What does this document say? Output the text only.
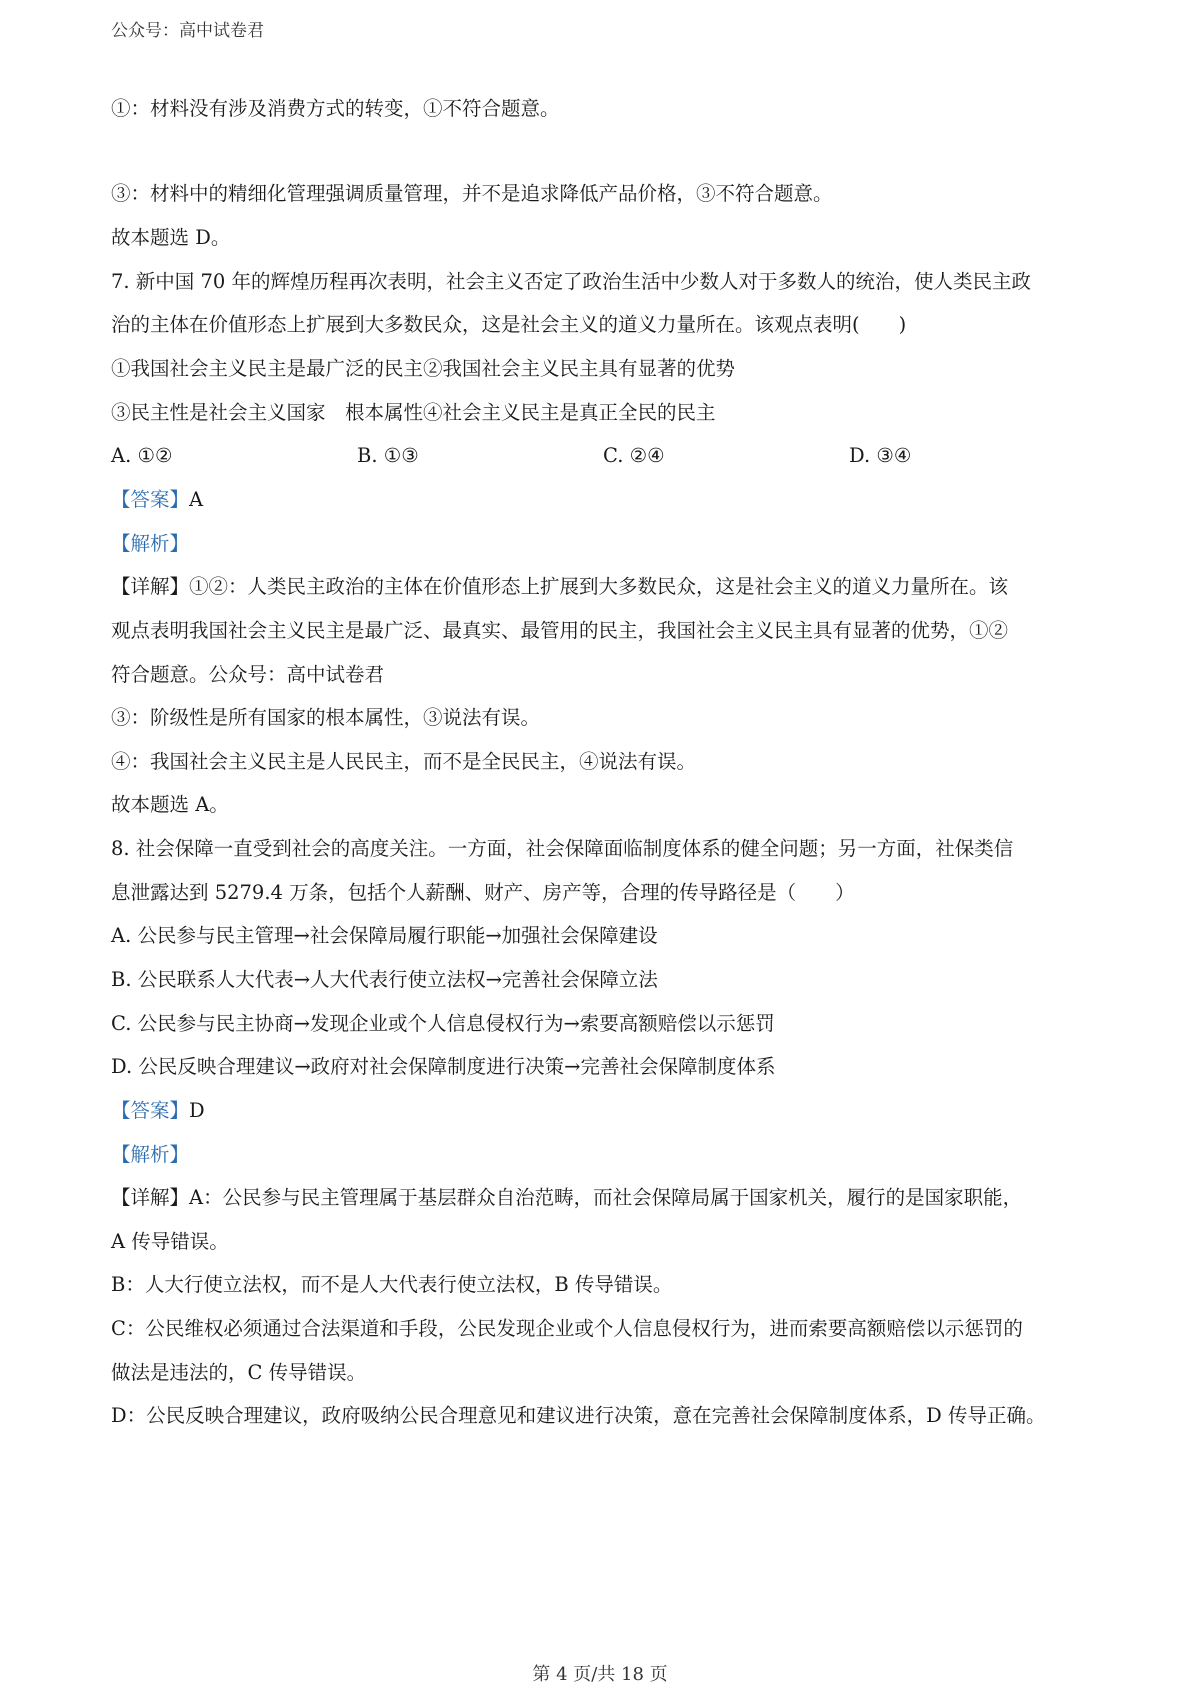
公众号：高中试卷君
①：材料没有涉及消费方式的转变，①不符合题意。
③：材料中的精细化管理强调质量管理，并不是追求降低产品价格，③不符合题意。
故本题选 D。
7. 新中国 70 年的辉煌历程再次表明，社会主义否定了政治生活中少数人对于多数人的统治，使人类民主政
治的主体在价值形态上扩展到大多数民众，这是社会主义的道义力量所在。该观点表明(　　)
①我国社会主义民主是最广泛的民主②我国社会主义民主具有显著的优势
③民主性是社会主义国家　根本属性④社会主义民主是真正全民的民主
A. ①②	B. ①③	C. ②④	D. ③④
【答案】A
【解析】
【详解】①②：人类民主政治的主体在价值形态上扩展到大多数民众，这是社会主义的道义力量所在。该
观点表明我国社会主义民主是最广泛、最真实、最管用的民主，我国社会主义民主具有显著的优势，①②
符合题意。公众号：高中试卷君
③：阶级性是所有国家的根本属性，③说法有误。
④：我国社会主义民主是人民民主，而不是全民民主，④说法有误。
故本题选 A。
8. 社会保障一直受到社会的高度关注。一方面，社会保障面临制度体系的健全问题；另一方面，社保类信
息泄露达到 5279.4 万条，包括个人薪酬、财产、房产等，合理的传导路径是（　　）
A. 公民参与民主管理→社会保障局履行职能→加强社会保障建设
B. 公民联系人大代表→人大代表行使立法权→完善社会保障立法
C. 公民参与民主协商→发现企业或个人信息侵权行为→索要高额赔偿以示惩罚
D. 公民反映合理建议→政府对社会保障制度进行决策→完善社会保障制度体系
【答案】D
【解析】
【详解】A：公民参与民主管理属于基层群众自治范畴，而社会保障局属于国家机关，履行的是国家职能，
A 传导错误。
B：人大行使立法权，而不是人大代表行使立法权，B 传导错误。
C：公民维权必须通过合法渠道和手段，公民发现企业或个人信息侵权行为，进而索要高额赔偿以示惩罚的
做法是违法的，C 传导错误。
D：公民反映合理建议，政府吸纳公民合理意见和建议进行决策，意在完善社会保障制度体系，D 传导正确。
第 4 页/共 18 页
